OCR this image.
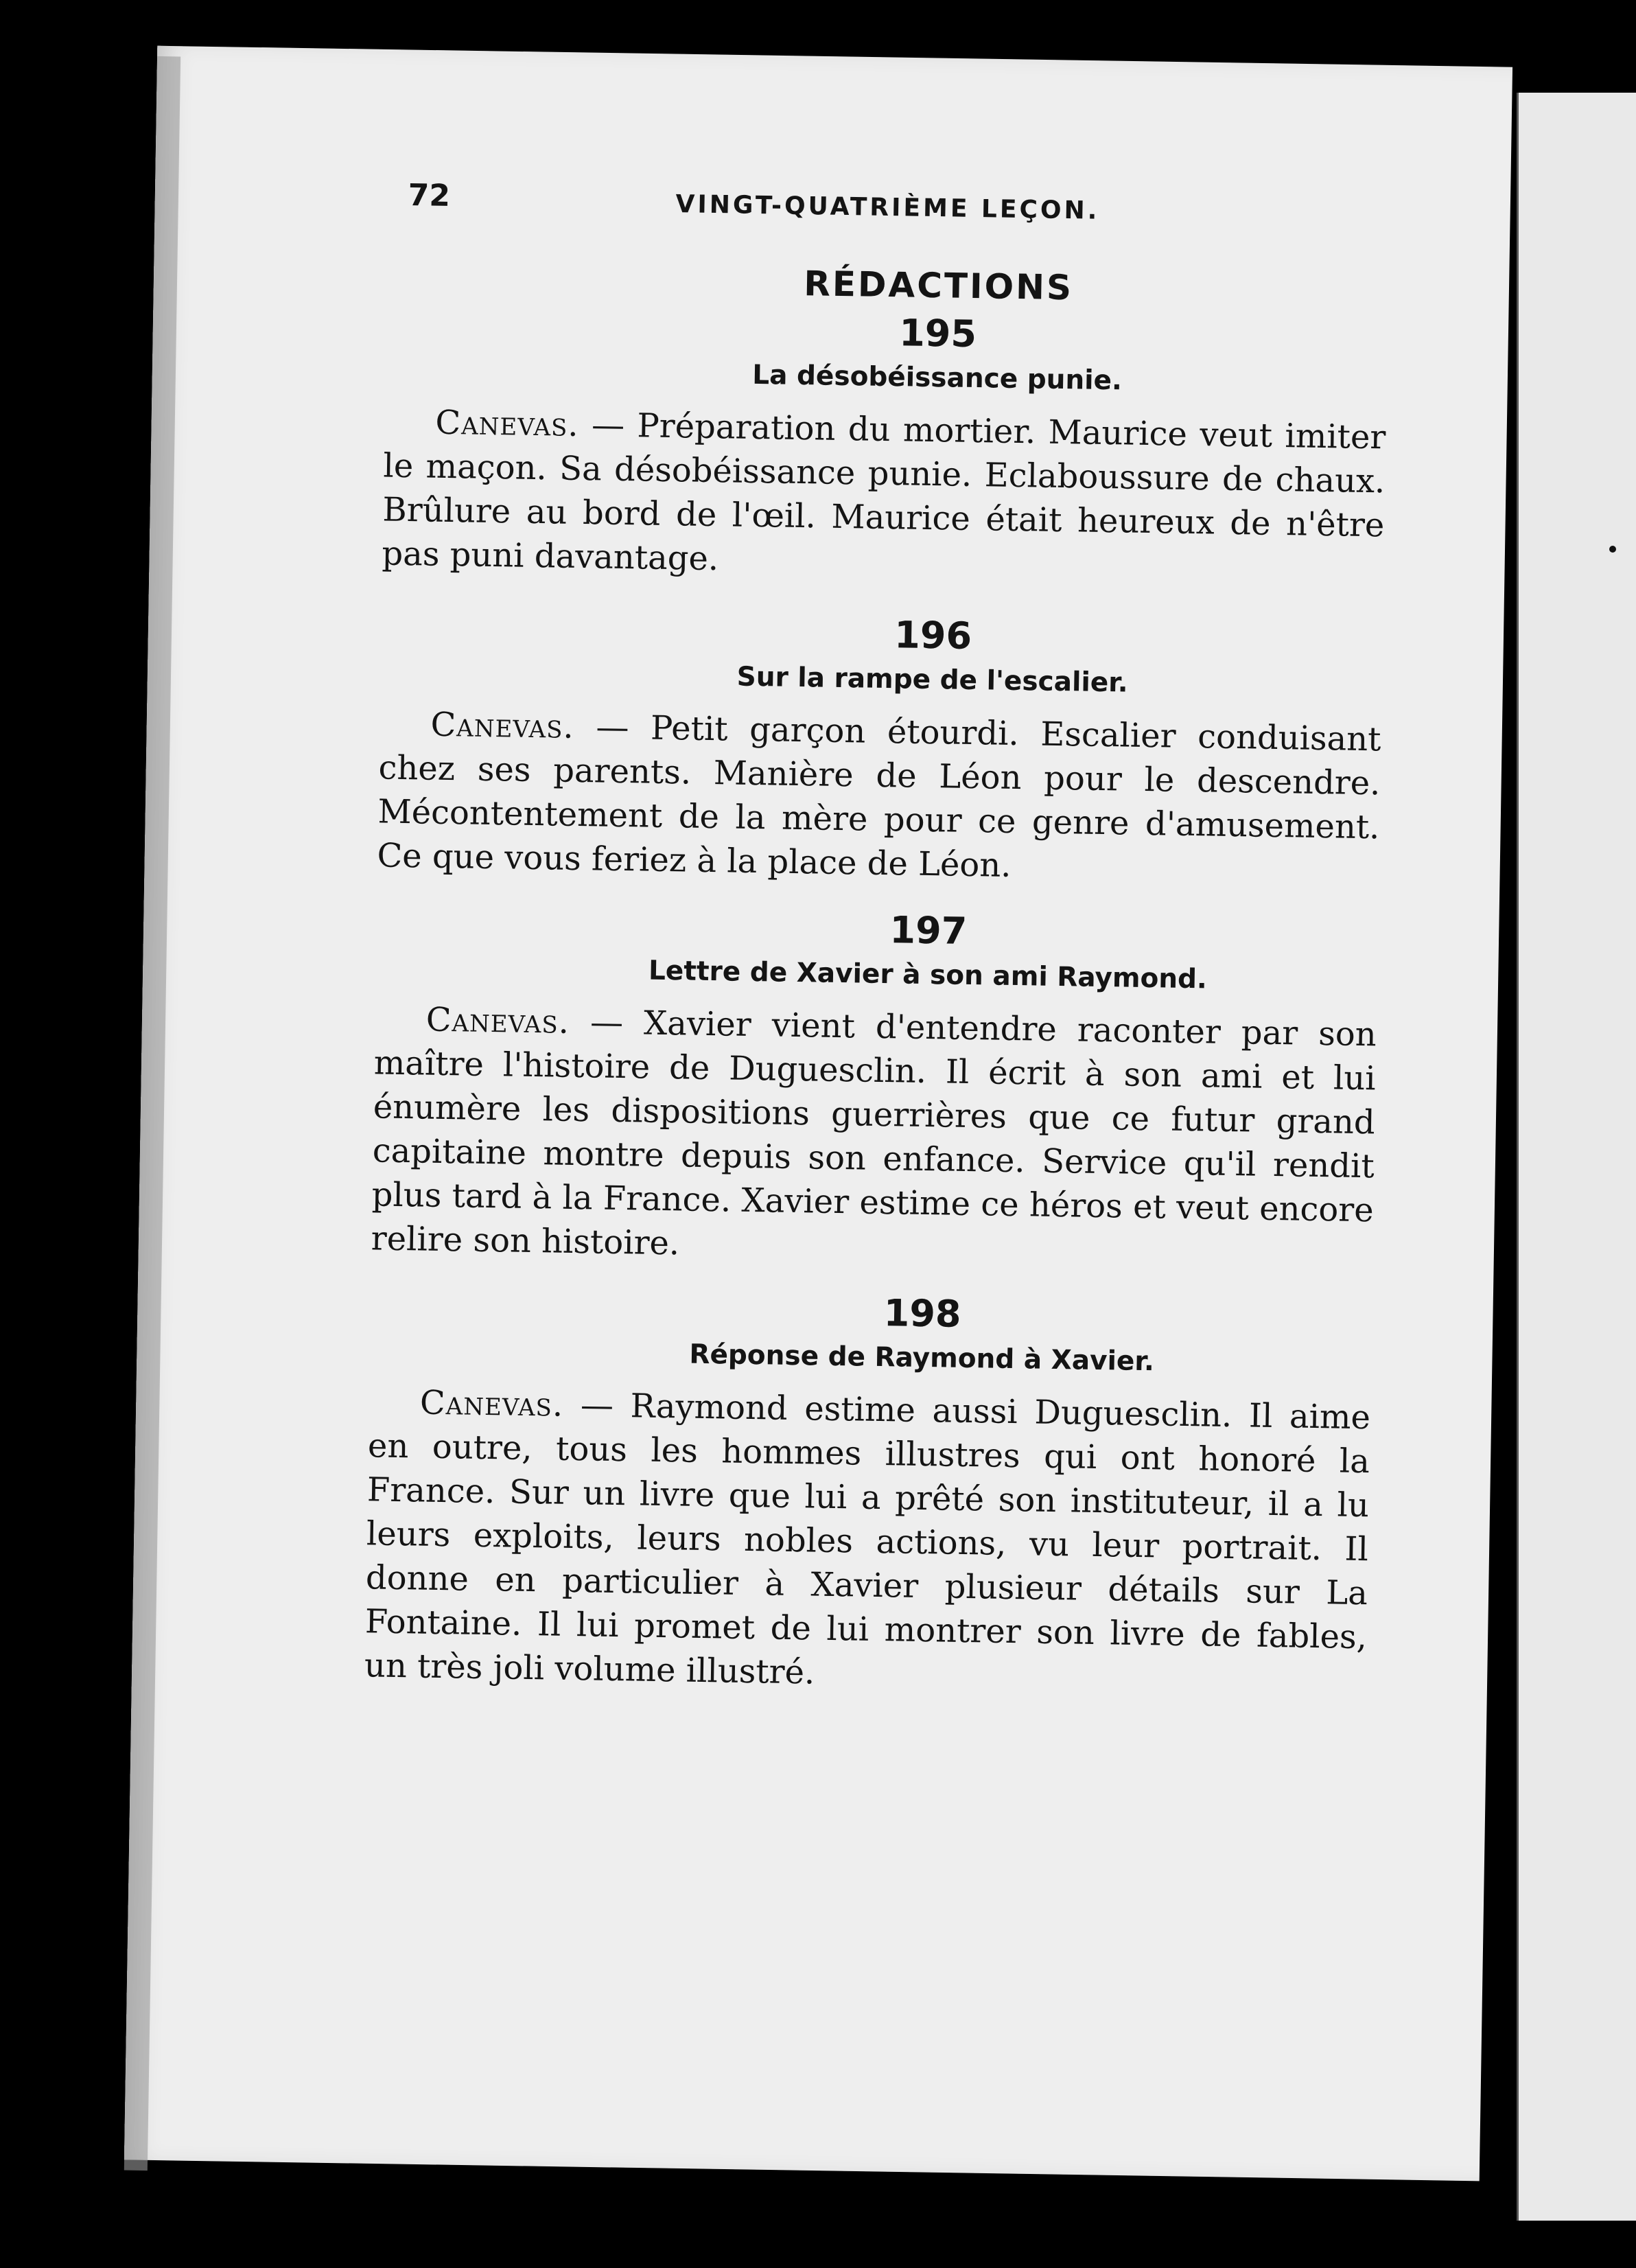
72	VINGT-QUATRIÈME LEÇON.
RÉDACTIONS
195
La désobéissance punie.

Canevas. — Préparation du mortier. Maurice veut imiter le maçon. Sa désobéissance punie. Eclaboussure de chaux. Brûlure au bord de l'œil. Maurice était heureux de n'être pas puni davantage.

196
Sur la rampe de l'escalier.

Canevas. — Petit garçon étourdi. Escalier conduisant chez ses parents. Manière de Léon pour le descendre. Mécontentement de la mère pour ce genre d'amusement. Ce que vous feriez à la place de Léon.

197
Lettre de Xavier à son ami Raymond.

Canevas. — Xavier vient d'entendre raconter par son maître l'histoire de Duguesclin. Il écrit à son ami et lui énumère les dispositions guerrières que ce futur grand capitaine montre depuis son enfance. Service qu'il rendit plus tard à la France. Xavier estime ce héros et veut encore relire son histoire.

198
Réponse de Raymond à Xavier.

Canevas. — Raymond estime aussi Duguesclin. Il aime en outre, tous les hommes illustres qui ont honoré la France. Sur un livre que lui a prêté son instituteur, il a lu leurs exploits, leurs nobles actions, vu leur portrait. Il donne en particulier à Xavier plusieur détails sur La Fontaine. Il lui promet de lui montrer son livre de fables, un très joli volume illustré.
